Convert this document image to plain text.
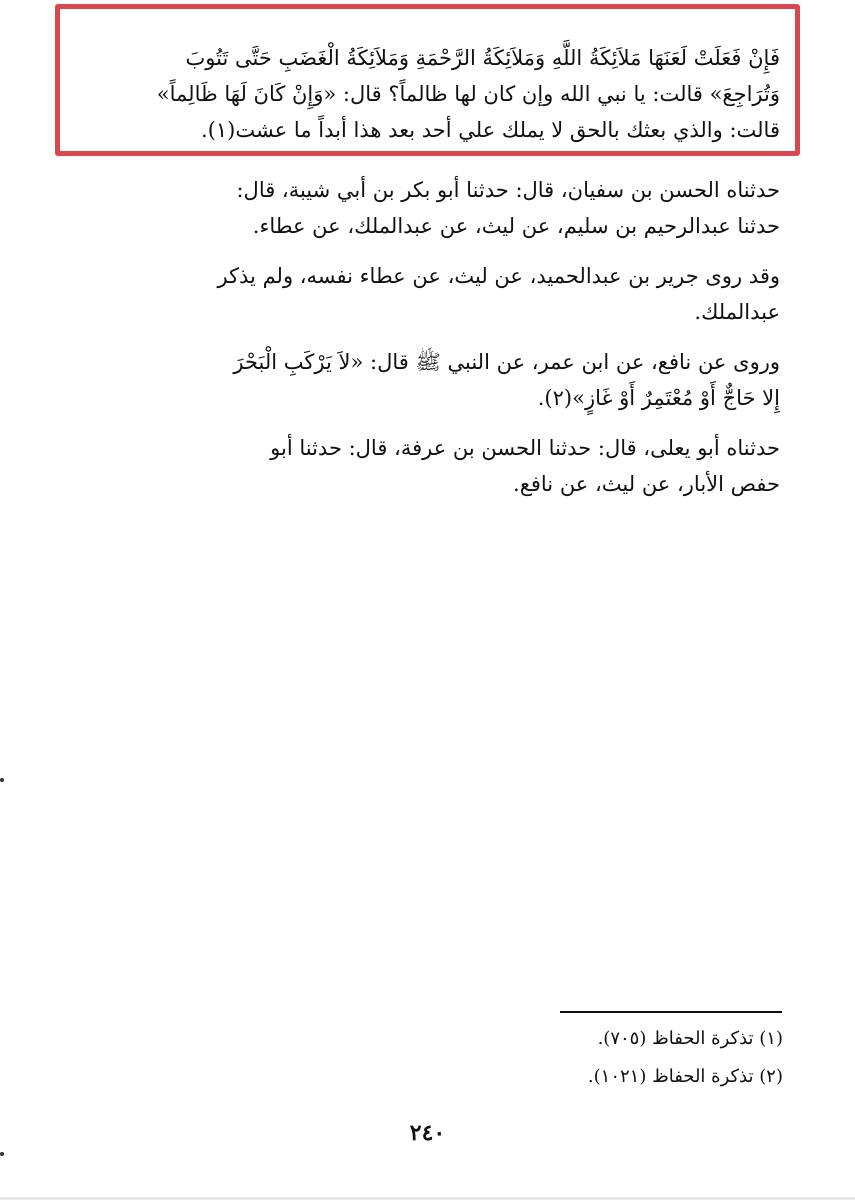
فَإِنْ فَعَلَتْ لَعَنَهَا مَلاَئِكَةُ اللَّهِ وَمَلاَئِكَةُ الرَّحْمَةِ وَمَلاَئِكَةُ الْغَضَبِ حَتَّى تَتُوبَ
وَتُرَاجِعَ» قالت: يا نبي الله وإن كان لها ظالماً؟ قال: «وَإِنْ كَانَ لَهَا ظَالِماً»
قالت: والذي بعثك بالحق لا يملك علي أحد بعد هذا أبداً ما عشت(١).
حدثناه الحسن بن سفيان، قال: حدثنا أبو بكر بن أبي شيبة، قال:
حدثنا عبدالرحيم بن سليم، عن ليث، عن عبدالملك، عن عطاء.
وقد روى جرير بن عبدالحميد، عن ليث، عن عطاء نفسه، ولم يذكر
عبدالملك.
وروى عن نافع، عن ابن عمر، عن النبي ﷺ قال: «لاَ يَرْكَبِ الْبَحْرَ
إِلا حَاجٌّ أَوْ مُعْتَمِرٌ أَوْ غَازٍ»(٢).
حدثناه أبو يعلى، قال: حدثنا الحسن بن عرفة، قال: حدثنا أبو
حفص الأبار، عن ليث، عن نافع.
(١) تذكرة الحفاظ (٧٠٥).
(٢) تذكرة الحفاظ (١٠٢١).
٢٤٠
